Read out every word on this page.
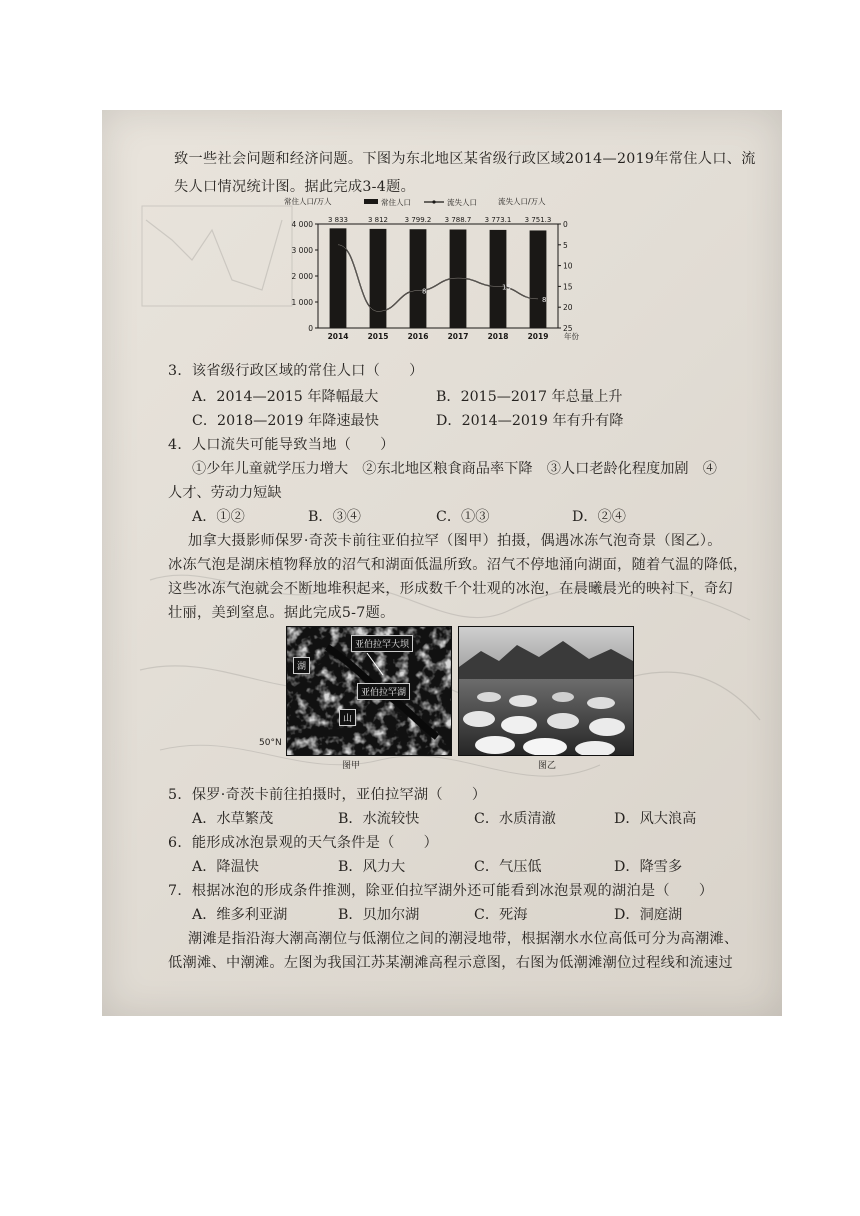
致一些社会问题和经济问题。下图为东北地区某省级行政区域2014—2019年常住人口、流
失人口情况统计图。据此完成3-4题。
0
1 000
2 000
3 000
4 000	0
5
10
15
20
25
3 833
2014
3 812
2015
3 799.2
2016
3 788.7
2017
3 773.1
2018
3 751.3
2019
8
15
8
年份
常住人口/万人	常住人口	流失人口	流失人口/万人
3．该省级行政区域的常住人口（　　）
A．2014—2015 年降幅最大	B．2015—2017 年总量上升
C．2018—2019 年降速最快	D．2014—2019 年有升有降
4．人口流失可能导致当地（　　）
①少年儿童就学压力增大　②东北地区粮食商品率下降　③人口老龄化程度加剧　④
人才、劳动力短缺
A．①②	B．③④	C．①③	D．②④
加拿大摄影师保罗·奇茨卡前往亚伯拉罕（图甲）拍摄，偶遇冰冻气泡奇景（图乙）。
冰冻气泡是湖床植物释放的沼气和湖面低温所致。沼气不停地涌向湖面，随着气温的降低，
这些冰冻气泡就会不断地堆积起来，形成数千个壮观的冰泡，在晨曦晨光的映衬下，奇幻
壮丽，美到窒息。据此完成5-7题。
亚伯拉罕大坝
亚伯拉罕湖
湖
山
50°N
图甲	图乙
5．保罗·奇茨卡前往拍摄时，亚伯拉罕湖（　　）
A．水草繁茂	B．水流较快	C．水质清澈	D．风大浪高
6．能形成冰泡景观的天气条件是（　　）
A．降温快	B．风力大	C．气压低	D．降雪多
7．根据冰泡的形成条件推测，除亚伯拉罕湖外还可能看到冰泡景观的湖泊是（　　）
A．维多利亚湖	B．贝加尔湖	C．死海	D．洞庭湖
潮滩是指沿海大潮高潮位与低潮位之间的潮浸地带，根据潮水水位高低可分为高潮滩、
低潮滩、中潮滩。左图为我国江苏某潮滩高程示意图，右图为低潮滩潮位过程线和流速过
